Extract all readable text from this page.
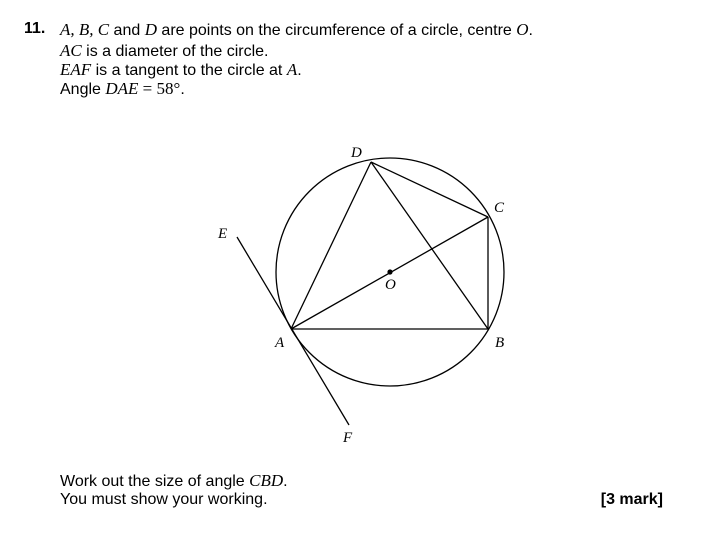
11. A, B, C and D are points on the circumference of a circle, centre O.
AC is a diameter of the circle.
EAF is a tangent to the circle at A.
Angle DAE = 58°.
D
C
E
O
A	B
F
Work out the size of angle CBD.
You must show your working.	[3 mark]
